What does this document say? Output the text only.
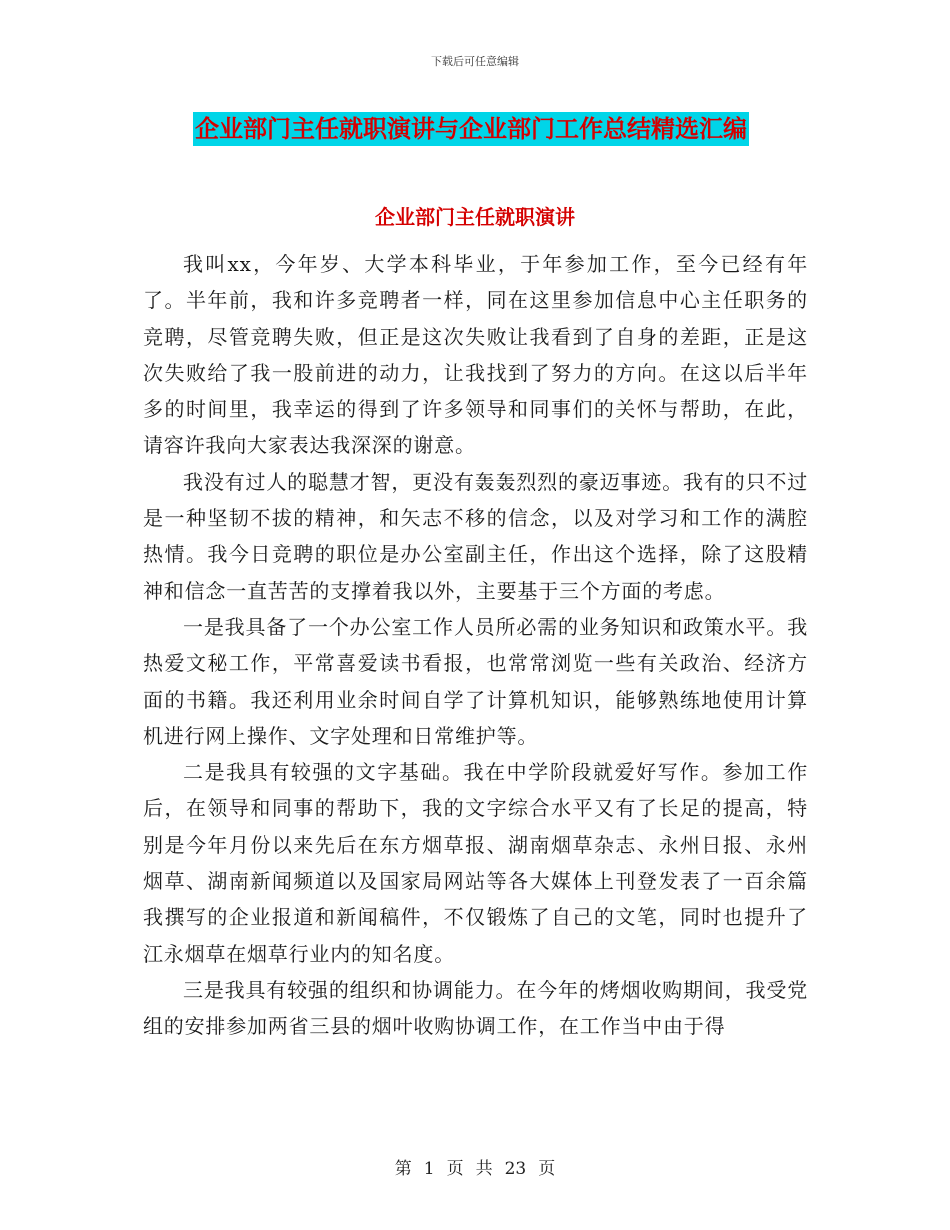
下载后可任意编辑
企业部门主任就职演讲与企业部门工作总结精选汇编
企业部门主任就职演讲

我叫xx，今年岁、大学本科毕业，于年参加工作，至今已经有年了。半年前，我和许多竞聘者一样，同在这里参加信息中心主任职务的竞聘，尽管竞聘失败，但正是这次失败让我看到了自身的差距，正是这次失败给了我一股前进的动力，让我找到了努力的方向。在这以后半年多的时间里，我幸运的得到了许多领导和同事们的关怀与帮助，在此，请容许我向大家表达我深深的谢意。

我没有过人的聪慧才智，更没有轰轰烈烈的豪迈事迹。我有的只不过是一种坚韧不拔的精神，和矢志不移的信念，以及对学习和工作的满腔热情。我今日竞聘的职位是办公室副主任，作出这个选择，除了这股精神和信念一直苦苦的支撑着我以外，主要基于三个方面的考虑。

一是我具备了一个办公室工作人员所必需的业务知识和政策水平。我热爱文秘工作，平常喜爱读书看报，也常常浏览一些有关政治、经济方面的书籍。我还利用业余时间自学了计算机知识，能够熟练地使用计算机进行网上操作、文字处理和日常维护等。

二是我具有较强的文字基础。我在中学阶段就爱好写作。参加工作后，在领导和同事的帮助下，我的文字综合水平又有了长足的提高，特别是今年月份以来先后在东方烟草报、湖南烟草杂志、永州日报、永州烟草、湖南新闻频道以及国家局网站等各大媒体上刊登发表了一百余篇我撰写的企业报道和新闻稿件，不仅锻炼了自己的文笔，同时也提升了江永烟草在烟草行业内的知名度。

三是我具有较强的组织和协调能力。在今年的烤烟收购期间，我受党组的安排参加两省三县的烟叶收购协调工作，在工作当中由于得

第 1 页 共 23 页
